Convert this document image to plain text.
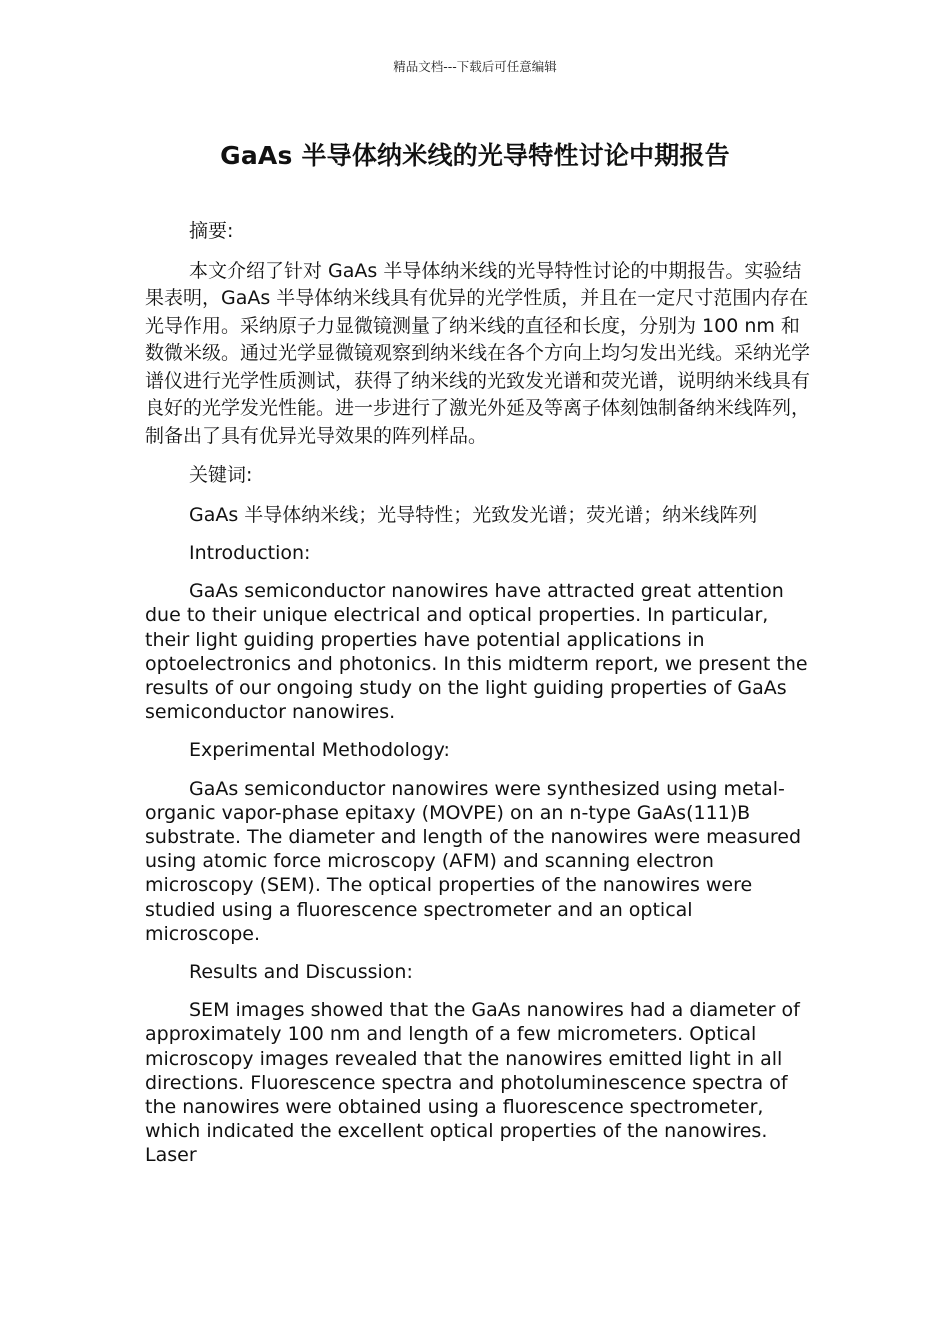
精品文档---下载后可任意编辑
GaAs 半导体纳米线的光导特性讨论中期报告

摘要:

本文介绍了针对 GaAs 半导体纳米线的光导特性讨论的中期报告。实验结果表明，GaAs 半导体纳米线具有优异的光学性质，并且在一定尺寸范围内存在光导作用。采纳原子力显微镜测量了纳米线的直径和长度，分别为 100 nm 和数微米级。通过光学显微镜观察到纳米线在各个方向上均匀发出光线。采纳光学谱仪进行光学性质测试，获得了纳米线的光致发光谱和荧光谱，说明纳米线具有良好的光学发光性能。进一步进行了激光外延及等离子体刻蚀制备纳米线阵列，制备出了具有优异光导效果的阵列样品。

关键词:

GaAs 半导体纳米线；光导特性；光致发光谱；荧光谱；纳米线阵列

Introduction:

GaAs semiconductor nanowires have attracted great attention due to their unique electrical and optical properties. In particular, their light guiding properties have potential applications in optoelectronics and photonics. In this midterm report, we present the results of our ongoing study on the light guiding properties of GaAs semiconductor nanowires.

Experimental Methodology:

GaAs semiconductor nanowires were synthesized using metal-organic vapor-phase epitaxy (MOVPE) on an n-type GaAs(111)B substrate. The diameter and length of the nanowires were measured using atomic force microscopy (AFM) and scanning electron microscopy (SEM). The optical properties of the nanowires were studied using a fluorescence spectrometer and an optical microscope.

Results and Discussion:

SEM images showed that the GaAs nanowires had a diameter of approximately 100 nm and length of a few micrometers. Optical microscopy images revealed that the nanowires emitted light in all directions. Fluorescence spectra and photoluminescence spectra of the nanowires were obtained using a fluorescence spectrometer, which indicated the excellent optical properties of the nanowires. Laser
